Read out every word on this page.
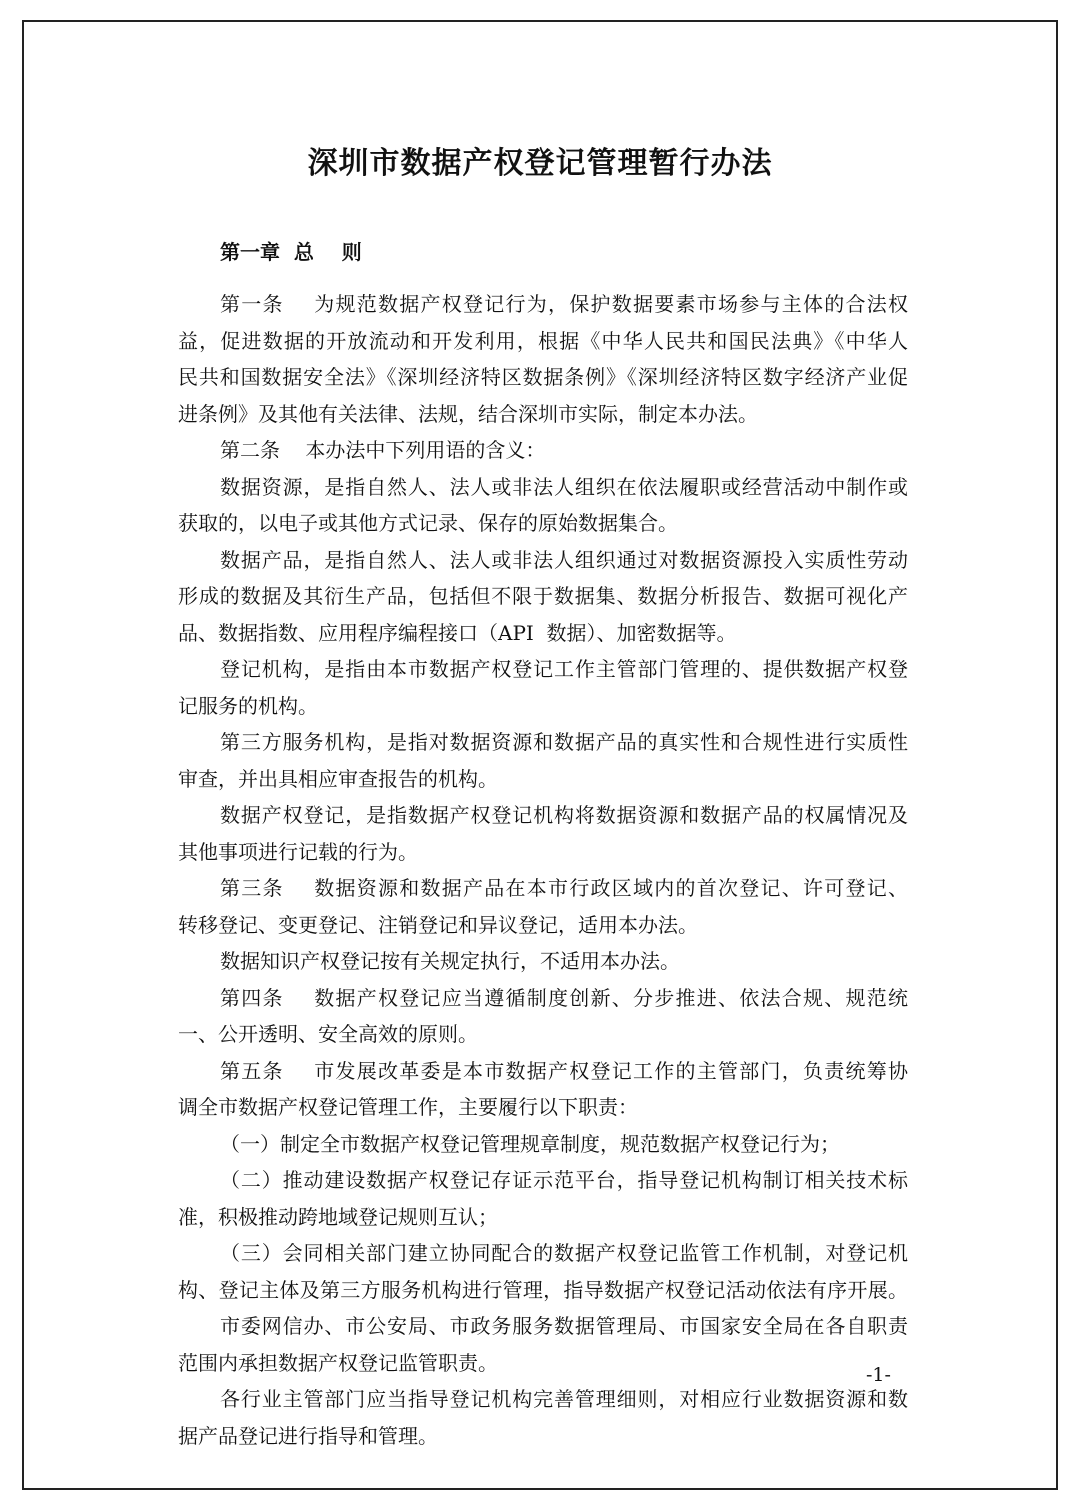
深圳市数据产权登记管理暂行办法
第一章  总    则
第一条    为规范数据产权登记行为，保护数据要素市场参与主体的合法权
益，促进数据的开放流动和开发利用，根据《中华人民共和国民法典》《中华人
民共和国数据安全法》《深圳经济特区数据条例》《深圳经济特区数字经济产业促
进条例》及其他有关法律、法规，结合深圳市实际，制定本办法。
第二条    本办法中下列用语的含义：
数据资源，是指自然人、法人或非法人组织在依法履职或经营活动中制作或
获取的，以电子或其他方式记录、保存的原始数据集合。
数据产品，是指自然人、法人或非法人组织通过对数据资源投入实质性劳动
形成的数据及其衍生产品，包括但不限于数据集、数据分析报告、数据可视化产
品、数据指数、应用程序编程接口（API  数据）、加密数据等。
登记机构，是指由本市数据产权登记工作主管部门管理的、提供数据产权登
记服务的机构。
第三方服务机构，是指对数据资源和数据产品的真实性和合规性进行实质性
审查，并出具相应审查报告的机构。
数据产权登记，是指数据产权登记机构将数据资源和数据产品的权属情况及
其他事项进行记载的行为。
第三条    数据资源和数据产品在本市行政区域内的首次登记、许可登记、
转移登记、变更登记、注销登记和异议登记，适用本办法。
数据知识产权登记按有关规定执行，不适用本办法。
第四条    数据产权登记应当遵循制度创新、分步推进、依法合规、规范统
一、公开透明、安全高效的原则。
第五条    市发展改革委是本市数据产权登记工作的主管部门，负责统筹协
调全市数据产权登记管理工作，主要履行以下职责：
（一）制定全市数据产权登记管理规章制度，规范数据产权登记行为；
（二）推动建设数据产权登记存证示范平台，指导登记机构制订相关技术标
准，积极推动跨地域登记规则互认；
（三）会同相关部门建立协同配合的数据产权登记监管工作机制，对登记机
构、登记主体及第三方服务机构进行管理，指导数据产权登记活动依法有序开展。
市委网信办、市公安局、市政务服务数据管理局、市国家安全局在各自职责
范围内承担数据产权登记监管职责。
各行业主管部门应当指导登记机构完善管理细则，对相应行业数据资源和数
据产品登记进行指导和管理。
-1-
